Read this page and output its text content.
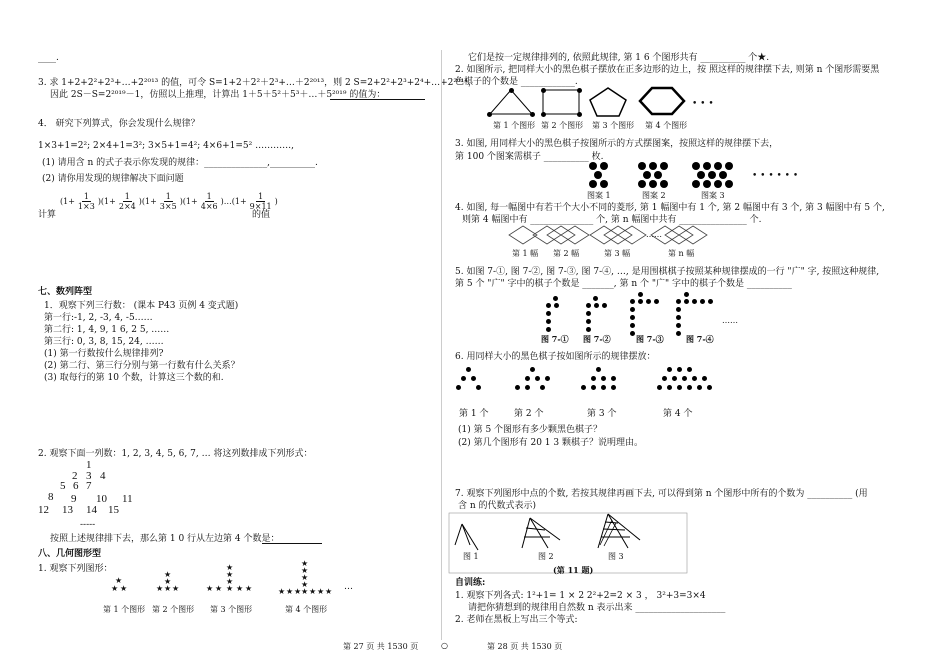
____.
3. 求 1+2+2²+2³+…+2²⁰¹³ 的值，可令 S=1+2＋2²＋2³+…＋2²⁰¹³，则 2 S=2+2²+2³+2⁴+…+2²⁰¹⁴，
因此 2S－S=2²⁰¹⁹－1，仿照以上推理，计算出 1＋5＋5²＋5³＋…＋5²⁰¹⁹ 的值为：
4． 研究下列算式，你会发现什么规律？
1×3+1=2²; 2×4+1=3²; 3×5+1=4²; 4×6+1=5² …………,
(1) 请用含 n 的式子表示你发现的规律：______________,__________.
(2) 请你用发现的规律解决下面问题
计算
$(1+ \frac{1}{1\times 3} )(1+ \frac{1}{2\times 4} )(1+ \frac{1}{3\times 5} )(1+ \frac{1}{4\times 6}$ )…(1+ $\frac{1}{9\times 11}$ )
的值
七、数列阵型
1．观察下列三行数： (课本 P43 页例 4 变式题)
第一行:-1, 2, -3, 4, -5……
第二行: 1, 4, 9, 1 6, 2 5, ……
第三行: 0, 3, 8, 15, 24, ……
(1) 第一行数按什么规律排列?
(2) 第二行、第三行分别与第一行数有什么关系？
(3) 取每行的第 10 个数，计算这三个数的和.
2. 观察下面一列数：1, 2, 3, 4, 5, 6, 7, … 将这列数排成下列形式：
1
2 3 4
5 6 7
8 9 10 11
12 13 14 15
-----
按照上述规律排下去，那么第 1 0 行从左边第 4 个数是：
八、几何图形型
1. 观察下列图形：
★
★ ★
★
★
★ ★ ★
★
★
★
★ ★ ★ ★ ★
★
★
★
★
★ ★ ★ ★ ★ ★ ★ …
第 1 个图形 第 2 个图形 第 3 个图形	第 4 个图形
它们是按一定规律排列的, 依照此规律, 第 1 6 个图形共有 __________ 个★.
2. 如图所示, 把同样大小的黑色棋子摆放在正多边形的边上，按 照这样的规律摆下去, 则第 n 个图形需要黑
色棋子的个数是 ____________.
• • •
第 1 个图形 第 2 个图形 第 3 个图形 第 4 个图形
3. 如图, 用同样大小的黑色棋子按图所示的方式摆图案，按照这样的规律摆下去，
第 100 个图案需棋子 __________ 枚.
• • • • • •
图案 1	图案 2	图案 3
4. 如图, 每一幅图中有若干个大小不同的菱形, 第 1 幅图中有 1 个, 第 2 幅图中有 3 个, 第 3 幅图中有 5 个,
则第 4 幅图中有 ______________ 个, 第 n 幅图中共有 _______________ 个.
……
第 1 幅 第 2 幅	第 3 幅	第 n 幅
5. 如图 7-①, 图 7-②, 图 7-③, 图 7-④, …, 是用围棋棋子按照某种规律摆成的一行 "广" 字, 按照这种规律,
第 5 个 "广" 字中的棋子个数是 _______, 第 n 个 "广" 字中的棋子个数是 __________
……
图 7-① 图 7-②	图 7-③	图 7-④
6. 用同样大小的黑色棋子按如图所示的规律摆放：
第 1 个	第 2 个	第 3 个	第 4 个
(1) 第 5 个图形有多少颗黑色棋子？
(2) 第几个图形有 20 1 3 颗棋子？说明理由。
7. 观察下列图形中点的个数, 若按其规律再画下去, 可以得到第 n 个图形中所有的个数为 __________ (用
含 n 的代数式表示)
图 1	图 2	图 3
(第 11 题)
自训练:
1. 观察下列各式: 1²+1= 1 × 2 2²+2=2 × 3 ， 3²+3=3×4
请把你猜想到的规律用自然数 n 表示出来 ____________________
2. 老师在黑板上写出三个等式:
第 27 页 共 1530 页	○	第 28 页 共 1530 页
